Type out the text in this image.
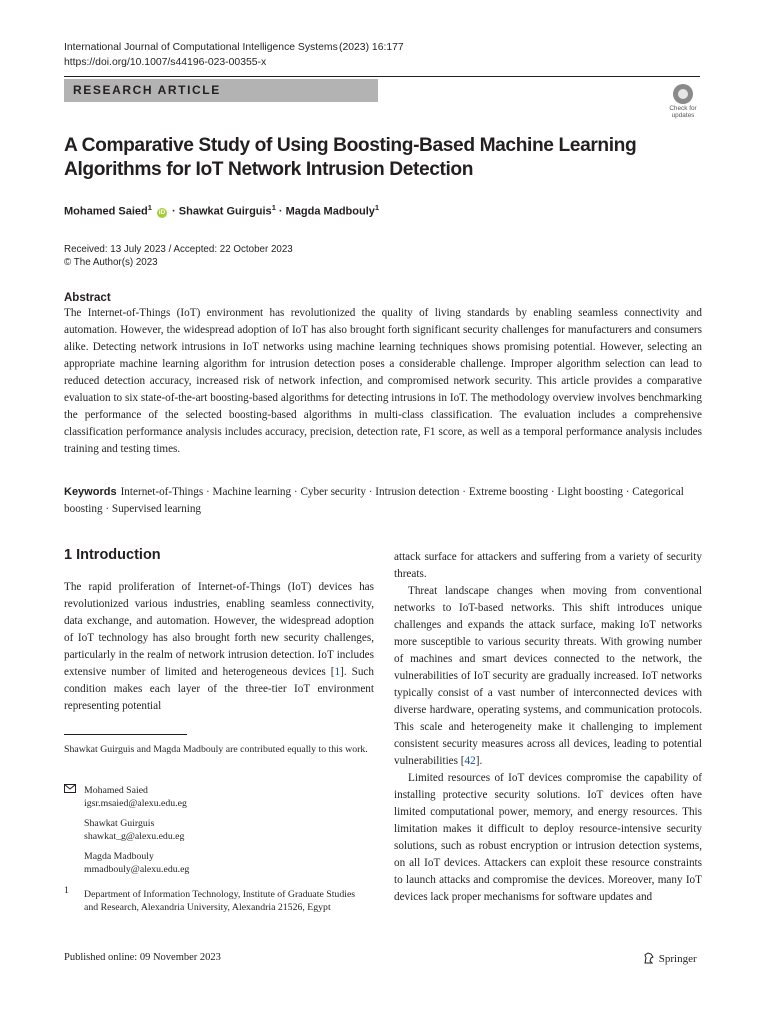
International Journal of Computational Intelligence Systems (2023) 16:177
https://doi.org/10.1007/s44196-023-00355-x
RESEARCH ARTICLE
Check for updates
A Comparative Study of Using Boosting-Based Machine Learning Algorithms for IoT Network Intrusion Detection
Mohamed Saied$^1$ iD · Shawkat Guirguis$^1$ · Magda Madbouly$^1$
Received: 13 July 2023 / Accepted: 22 October 2023
© The Author(s) 2023
Abstract
The Internet-of-Things (IoT) environment has revolutionized the quality of living standards by enabling seamless connectivity and automation. However, the widespread adoption of IoT has also brought forth significant security challenges for manufacturers and consumers alike. Detecting network intrusions in IoT networks using machine learning techniques shows promising potential. However, selecting an appropriate machine learning algorithm for intrusion detection poses a considerable challenge. Improper algorithm selection can lead to reduced detection accuracy, increased risk of network infection, and compromised network security. This article provides a comparative evaluation to six state-of-the-art boosting-based algorithms for detecting intrusions in IoT. The methodology overview involves benchmarking the performance of the selected boosting-based algorithms in multi-class classification. The evaluation includes a comprehensive classification performance analysis includes accuracy, precision, detection rate, F1 score, as well as a temporal performance analysis includes training and testing times.
Keywords Internet-of-Things · Machine learning · Cyber security · Intrusion detection · Extreme boosting · Light boosting · Categorical boosting · Supervised learning
1 Introduction
The rapid proliferation of Internet-of-Things (IoT) devices has revolutionized various industries, enabling seamless connectivity, data exchange, and automation. However, the widespread adoption of IoT technology has also brought forth new security challenges, particularly in the realm of network intrusion detection. IoT includes extensive number of limited and heterogeneous devices [1]. Such condition makes each layer of the three-tier IoT environment representing potential

attack surface for attackers and suffering from a variety of security threats.

Threat landscape changes when moving from conventional networks to IoT-based networks. This shift introduces unique challenges and expands the attack surface, making IoT networks more susceptible to various security threats. With growing number of machines and smart devices connected to the network, the vulnerabilities of IoT security are gradually increased. IoT networks typically consist of a vast number of interconnected devices with diverse hardware, operating systems, and communication protocols. This scale and heterogeneity make it challenging to implement consistent security measures across all devices, leading to potential vulnerabilities [42].

Limited resources of IoT devices compromise the capability of installing protective security solutions. IoT devices often have limited computational power, memory, and energy resources. This limitation makes it difficult to deploy resource-intensive security solutions, such as robust encryption or intrusion detection systems, on all IoT devices. Attackers can exploit these resource constraints to launch attacks and compromise the devices. Moreover, many IoT devices lack proper mechanisms for software updates and

Shawkat Guirguis and Magda Madbouly are contributed equally to this work.
Mohamed Saied
igsr.msaied@alexu.edu.eg
Shawkat Guirguis
shawkat_g@alexu.edu.eg
Magda Madbouly
mmadbouly@alexu.edu.eg
1 Department of Information Technology, Institute of Graduate Studies and Research, Alexandria University, Alexandria 21526, Egypt
Published online: 09 November 2023	Springer
